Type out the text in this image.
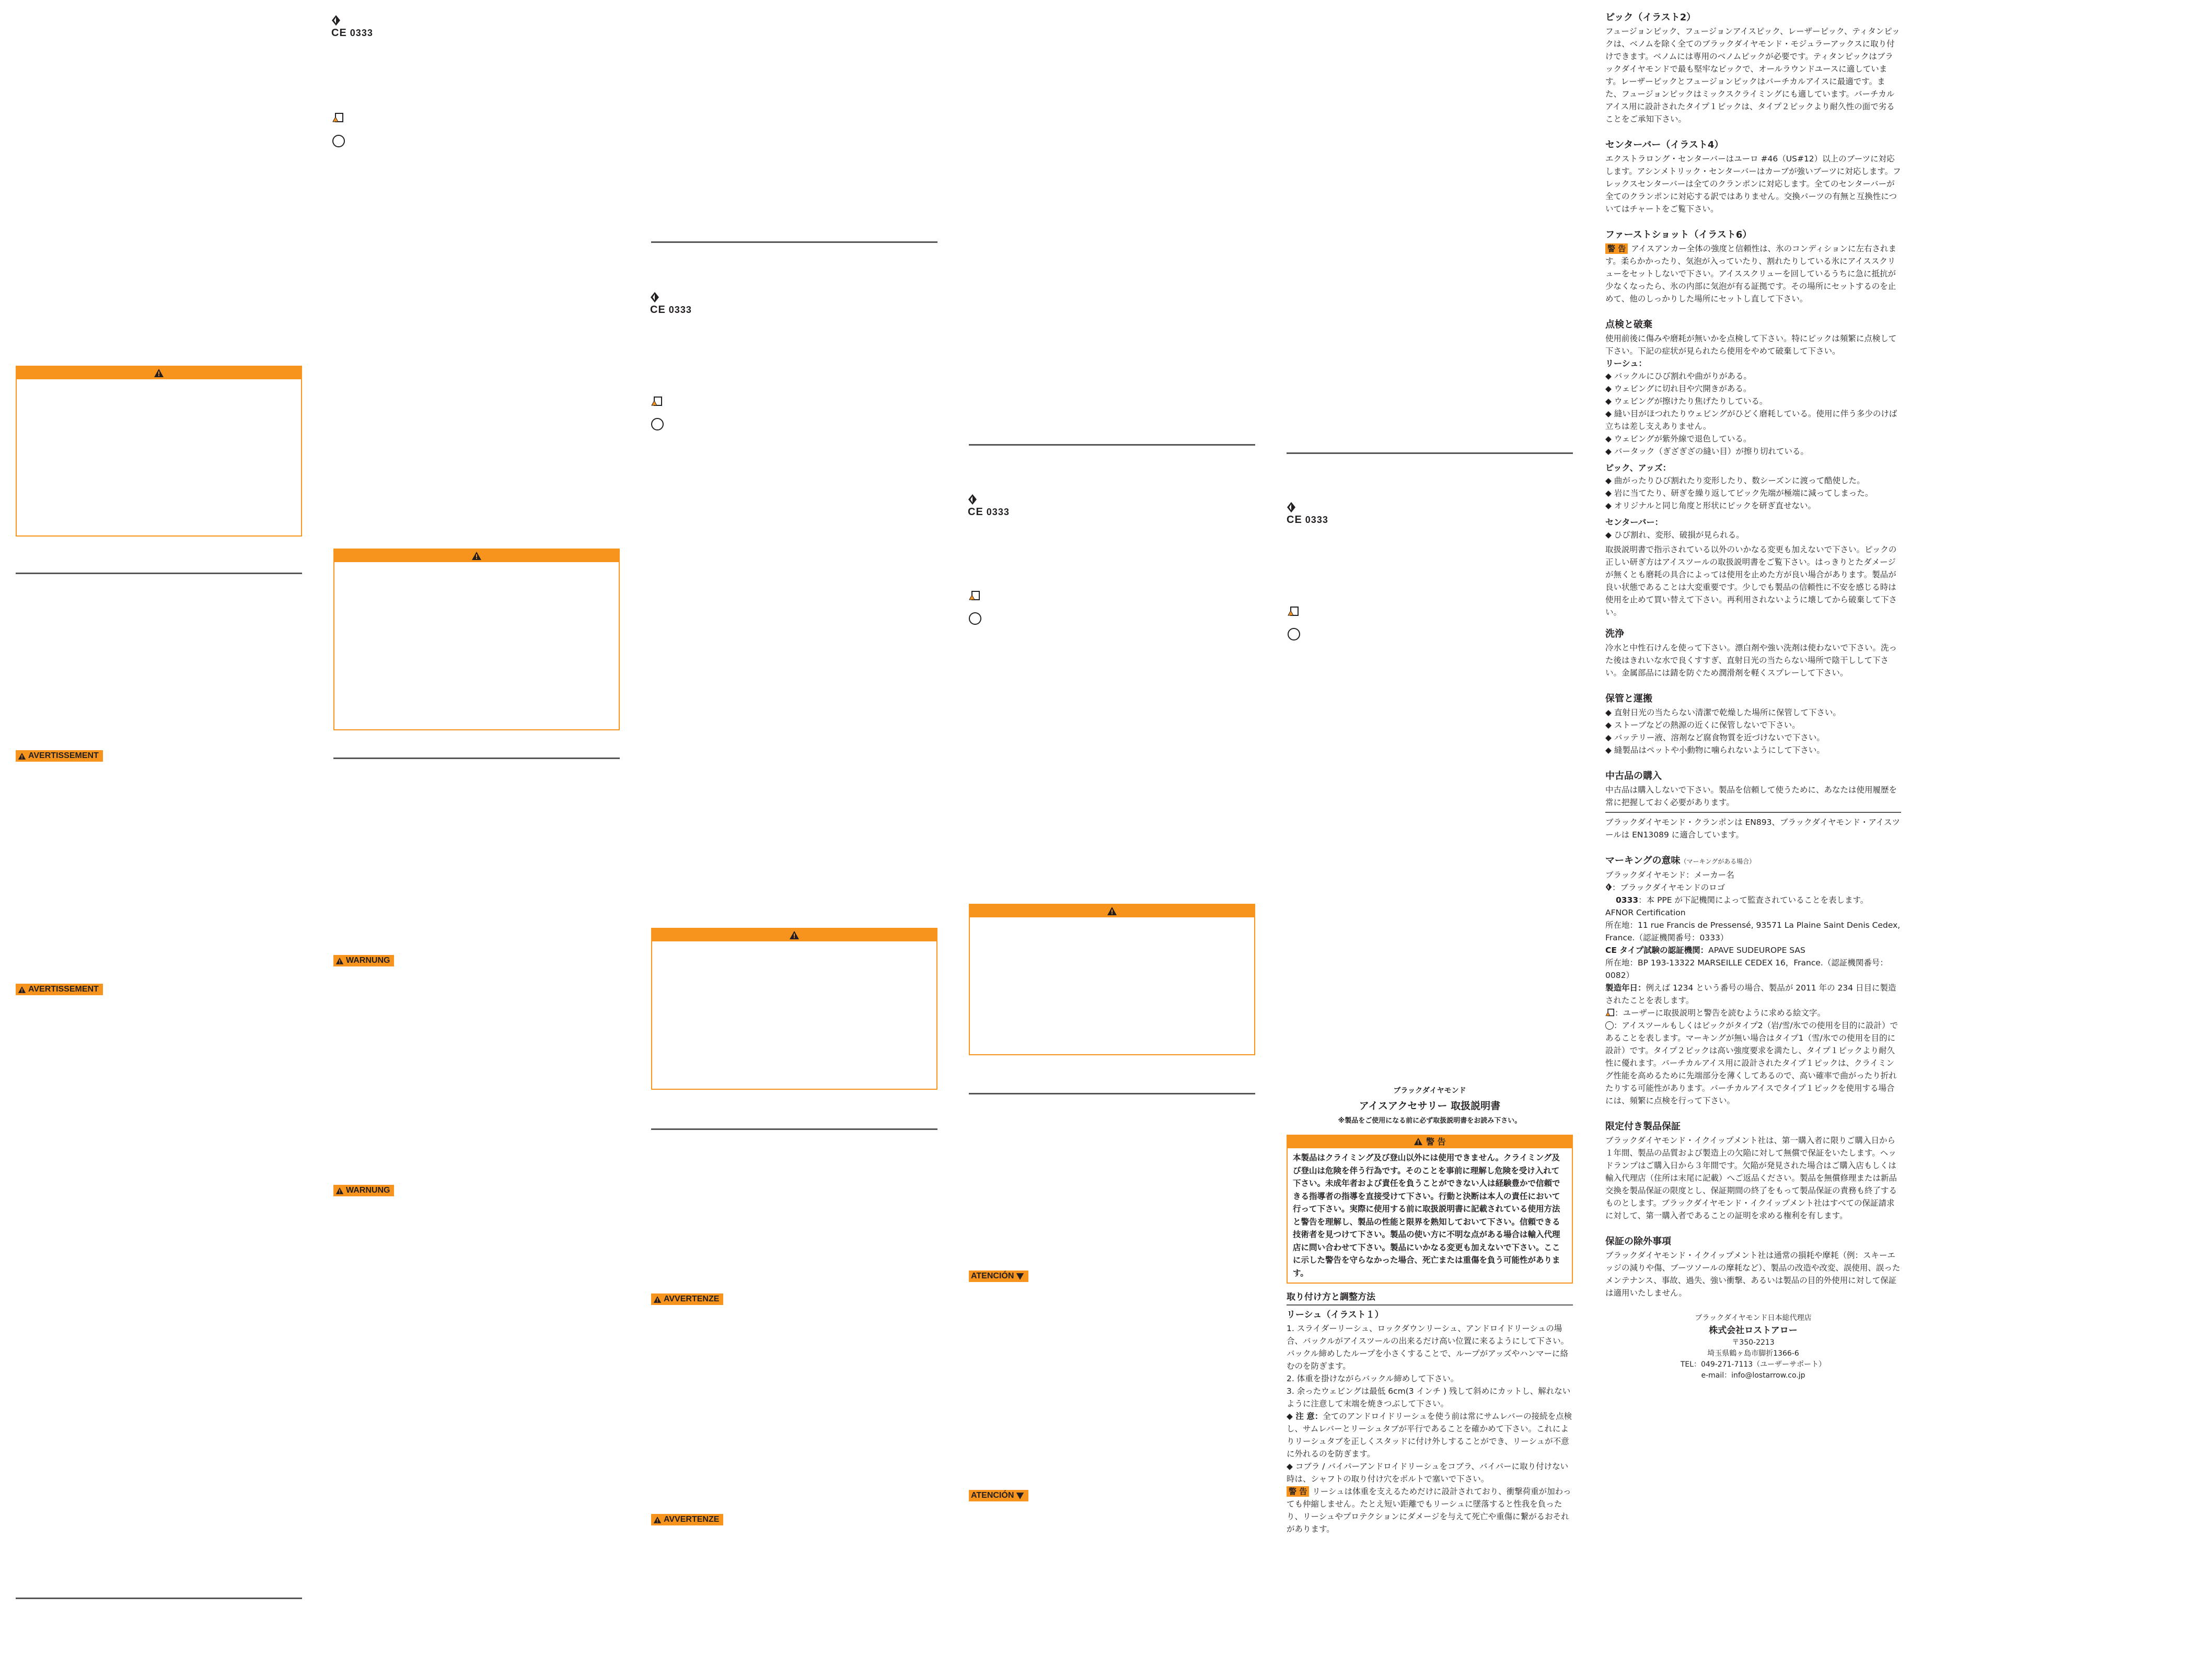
AVERTISSEMENT
AVERTISSEMENT
CE 0333
WARNUNG
WARNUNG
CE 0333
AVVERTENZE
AVVERTENZE
CE 0333
ATENCIÓN
ATENCIÓN
CE 0333

ブラックダイヤモンド

アイスアクセサリー 取扱説明書

※製品をご使用になる前に必ず取扱説明書をお読み下さい。

警 告
本製品はクライミング及び登山以外には使用できません。クライミング及び登山は危険を伴う行為です。そのことを事前に理解し危険を受け入れて下さい。未成年者および責任を負うことができない人は経験豊かで信頼できる指導者の指導を直接受けて下さい。行動と決断は本人の責任において行って下さい。実際に使用する前に取扱説明書に記載されている使用方法と警告を理解し、製品の性能と限界を熟知しておいて下さい。信頼できる技術者を見つけて下さい。製品の使い方に不明な点がある場合は輸入代理店に問い合わせて下さい。製品にいかなる変更も加えないで下さい。ここに示した警告を守らなかった場合、死亡または重傷を負う可能性があります。
取り付け方と調整方法
リーシュ（イラスト１）

1. スライダーリーシュ、ロックダウンリーシュ、アンドロイドリーシュの場合、バックルがアイスツールの出来るだけ高い位置に来るようにして下さい。バックル締めしたループを小さくすることで、ループがアッズやハンマーに絡むのを防ぎます。

2. 体重を掛けながらバックル締めして下さい。

3. 余ったウェビングは最低 6cm(3 インチ ) 残して斜めにカットし、解れないように注意して末端を焼きつぶして下さい。

◆ 注 意：全てのアンドロイドリーシュを使う前は常にサムレバーの接続を点検し、サムレバーとリーシュタブが平行であることを確かめて下さい。これによりリーシュタブを正しくスタッドに付け外しすることができ、リーシュが不意に外れるのを防ぎます。

◆ コブラ / バイパーアンドロイドリーシュをコブラ、バイパーに取り付けない時は、シャフトの取り付け穴をボルトで塞いで下さい。

警 告 リーシュは体重を支えるためだけに設計されており、衝撃荷重が加わっても仲縮しません。たとえ短い距離でもリーシュに墜落すると性我を負ったり、リーシュやプロテクションにダメージを与えて死亡や重傷に繋がるおそれがあります。

ピック（イラスト2）

フュージョンピック、フュージョンアイスピック、レーザーピック、ティタンピックは、ベノムを除く全てのブラックダイヤモンド・モジュラーアックスに取り付けできます。ベノムには専用のベノムピックが必要です。ティタンピックはブラックダイヤモンドで最も堅牢なピックで、オールラウンドユースに適しています。レーザーピックとフュージョンピックはバーチカルアイスに最適です。また、フュージョンピックはミックスクライミングにも適しています。バーチカルアイス用に設計されたタイプ１ピックは、タイプ２ピックより耐久性の面で劣ることをご承知下さい。

センターバー（イラスト4）

エクストラロング・センターバーはユーロ #46（US#12）以上のブーツに対応します。アシンメトリック・センターバーはカーブが強いブーツに対応します。フレックスセンターバーは全てのクランポンに対応します。全てのセンターバーが全てのクランポンに対応する訳ではありません。交換パーツの有無と互換性についてはチャートをご覧下さい。

ファーストショット（イラスト6）

警 告 アイスアンカー全体の強度と信頼性は、氷のコンディションに左右されます。柔らかかったり、気泡が入っていたり、割れたりしている氷にアイススクリューをセットしないで下さい。アイススクリューを回しているうちに急に抵抗が少なくなったら、氷の内部に気泡が有る証拠です。その場所にセットするのを止めて、他のしっかりした場所にセットし直して下さい。

点検と破棄

使用前後に傷みや磨耗が無いかを点検して下さい。特にピックは頻繁に点検して下さい。下記の症状が見られたら使用をやめて破棄して下さい。

リーシュ：

◆ バックルにひび割れや曲がりがある。

◆ ウェビングに切れ目や穴開きがある。

◆ ウェビングが擦けたり焦げたりしている。

◆ 縫い目がほつれたりウェビングがひどく磨耗している。使用に伴う多少のけば立ちは差し支えありません。

◆ ウェビングが紫外線で退色している。

◆ バータック（ぎざぎざの縫い目）が擦り切れている。

ピック、アッズ：

◆ 曲がったりひび割れたり変形したり、数シーズンに渡って酷使した。

◆ 岩に当てたり、研ぎを繰り返してピック先端が極端に減ってしまった。

◆ オリジナルと同じ角度と形状にピックを研ぎ直せない。

センターバー：

◆ ひび割れ、変形、破損が見られる。

取扱説明書で指示されている以外のいかなる変更も加えないで下さい。ピックの正しい研ぎ方はアイスツールの取扱説明書をご覧下さい。はっきりとたダメージが無くとも磨耗の具合によっては使用を止めた方が良い場合があります。製品が良い状態であることは大変重要です。少しでも製品の信頼性に不安を感じる時は使用を止めて買い替えて下さい。再利用されないように壊してから破棄して下さい。

洗浄

冷水と中性石けんを使って下さい。漂白剤や強い洗剤は使わないで下さい。洗った後はきれいな水で良くすすぎ、直射日光の当たらない場所で陰干しして下さい。金属部品には錆を防ぐため潤滑剤を軽くスプレーして下さい。

保管と運搬

◆ 直射日光の当たらない清潔で乾燥した場所に保管して下さい。

◆ ストーブなどの熱源の近くに保管しないで下さい。

◆ バッテリー液、溶剤など腐食物質を近づけないで下さい。

◆ 縫製品はペットや小動物に噛られないようにして下さい。

中古品の購入

中古品は購入しないで下さい。製品を信頼して使うために、あなたは使用履歴を常に把握しておく必要があります。

ブラックダイヤモンド・クランポンは EN893、ブラックダイヤモンド・アイスツールは EN13089 に適合しています。

マーキングの意味（マーキングがある場合）

ブラックダイヤモンド：メーカー名

：ブラックダイヤモンドのロゴ

0333：本 PPE が下記機関によって監査されていることを表します。

AFNOR Certification

所在地：11 rue Francis de Pressensé, 93571 La Plaine Saint Denis Cedex, France.（認証機関番号：0333）

CE タイプ試験の認証機関：APAVE SUDEUROPE SAS

所在地：BP 193-13322 MARSEILLE CEDEX 16，France.（認証機関番号：0082）

製造年日：例えば 1234 という番号の場合、製品が 2011 年の 234 日目に製造されたことを表します。

：ユーザーに取扱説明と警告を読むように求める絵文字。

：アイスツールもしくはピックがタイプ2（岩/雪/氷での使用を目的に設計）であることを表します。マーキングが無い場合はタイプ1（雪/氷での使用を目的に設計）です。タイプ２ピックは高い強度要求を満たし、タイプ１ピックより耐久性に優れます。バーチカルアイス用に設計されたタイプ１ピックは、クライミング性能を高めるために先端部分を薄くしてあるので、高い確率で曲がったり折れたりする可能性があります。バーチカルアイスでタイプ１ピックを使用する場合には、頻繁に点検を行って下さい。

限定付き製品保証

ブラックダイヤモンド・イクイップメント社は、第一購入者に限りご購入日から１年間、製品の品質および製造上の欠陥に対して無償で保証をいたします。ヘッドランプはご購入日から３年間です。欠陥が発見された場合はご購入店もしくは輸入代理店（住所は末尾に記載）へご返品ください。製品を無償修理または新品交換を製品保証の限度とし、保証期間の終了をもって製品保証の責務も終了するものとします。ブラックダイヤモンド・イクイップメント社はすべての保証請求に対して、第一購入者であることの証明を求める権利を有します。

保証の除外事項

ブラックダイヤモンド・イクイップメント社は通常の損耗や摩耗（例：スキーエッジの減りや傷、ブーツソールの摩耗など）、製品の改造や改変、誤使用、誤ったメンテナンス、事故、過失、強い衝撃、あるいは製品の目的外使用に対して保証は適用いたしません。

ブラックダイヤモンド日本総代理店

株式会社ロストアロー

〒350-2213

埼玉県鶴ヶ島市脚折1366-6

TEL：049-271-7113（ユーザーサポート）

e-mail：info@lostarrow.co.jp
